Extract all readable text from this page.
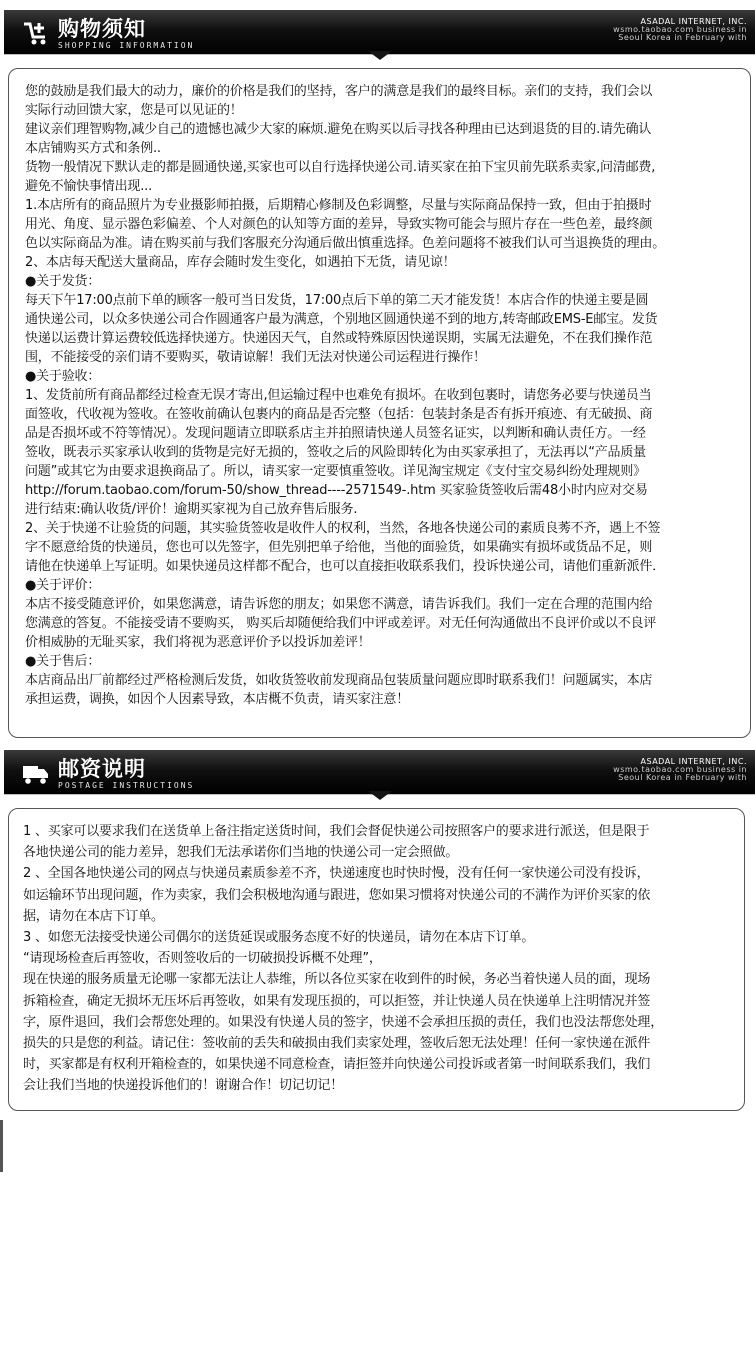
购物须知
SHOPPING INFORMATION
ASADAL INTERNET, INC.
wsmo.taobao.com business in
Seoul Korea in February with

您的鼓励是我们最大的动力，廉价的价格是我们的坚持，客户的满意是我们的最终目标。亲们的支持，我们会以

实际行动回馈大家，您是可以见证的！

建议亲们理智购物,减少自己的遗憾也减少大家的麻烦.避免在购买以后寻找各种理由已达到退货的目的.请先确认

本店铺购买方式和条例..

货物一般情况下默认走的都是圆通快递,买家也可以自行选择快递公司.请买家在拍下宝贝前先联系卖家,问清邮费,

避免不愉快事情出现...

1.本店所有的商品照片为专业摄影师拍摄，后期精心修制及色彩调整，尽量与实际商品保持一致，但由于拍摄时

用光、角度、显示器色彩偏差、个人对颜色的认知等方面的差异，导致实物可能会与照片存在一些色差，最终颜

色以实际商品为准。请在购买前与我们客服充分沟通后做出慎重选择。色差问题将不被我们认可当退换货的理由。

2、本店每天配送大量商品，库存会随时发生变化，如遇拍下无货，请见谅！

●关于发货：

每天下午17:00点前下单的顾客一般可当日发货，17:00点后下单的第二天才能发货！本店合作的快递主要是圆

通快递公司，以众多快递公司合作圆通客户最为满意，个别地区圆通快递不到的地方,转寄邮政EMS-E邮宝。发货

快递以运费计算运费较低选择快递方。快递因天气，自然或特殊原因快递误期，实属无法避免，不在我们操作范

围，不能接受的亲们请不要购买，敬请谅解！我们无法对快递公司运程进行操作！

●关于验收：

1、发货前所有商品都经过检查无误才寄出,但运输过程中也难免有损坏。在收到包裹时，请您务必要与快递员当

面签收，代收视为签收。在签收前确认包裹内的商品是否完整（包括：包装封条是否有拆开痕迹、有无破损、商

品是否损坏或不符等情况）。发现问题请立即联系店主并拍照请快递人员签名证实，以判断和确认责任方。一经

签收，既表示买家承认收到的货物是完好无损的，签收之后的风险即转化为由买家承担了，无法再以“产品质量

问题”或其它为由要求退换商品了。所以，请买家一定要慎重签收。详见淘宝规定《支付宝交易纠纷处理规则》

http://forum.taobao.com/forum-50/show_thread----2571549-.htm 买家验货签收后需48小时内应对交易

进行结束:确认收货/评价！逾期买家视为自己放弃售后服务.

2、关于快递不让验货的问题，其实验货签收是收件人的权利，当然，各地各快递公司的素质良莠不齐，遇上不签

字不愿意给货的快递员，您也可以先签字，但先别把单子给他，当他的面验货，如果确实有损坏或货品不足，则

请他在快递单上写证明。如果快递员这样都不配合，也可以直接拒收联系我们，投诉快递公司，请他们重新派件．

●关于评价：

本店不接受随意评价，如果您满意，请告诉您的朋友；如果您不满意，请告诉我们。我们一定在合理的范围内给

您满意的答复。不能接受请不要购买， 购买后却随便给我们中评或差评。对无任何沟通做出不良评价或以不良评

价相威胁的无耻买家，我们将视为恶意评价予以投诉加差评！

●关于售后：

本店商品出厂前都经过严格检测后发货，如收货签收前发现商品包装质量问题应即时联系我们！问题属实，本店

承担运费，调换，如因个人因素导致，本店概不负责，请买家注意！

邮资说明
POSTAGE INSTRUCTIONS
ASADAL INTERNET, INC.
wsmo.taobao.com business in
Seoul Korea in February with

1 、买家可以要求我们在送货单上备注指定送货时间，我们会督促快递公司按照客户的要求进行派送，但是限于

各地快递公司的能力差异，恕我们无法承诺你们当地的快递公司一定会照做。

2 、全国各地快递公司的网点与快递员素质参差不齐，快递速度也时快时慢，没有任何一家快递公司没有投诉，

如运输环节出现问题，作为卖家，我们会积极地沟通与跟进，您如果习惯将对快递公司的不满作为评价买家的依

据，请勿在本店下订单。

3 、如您无法接受快递公司偶尔的送货延误或服务态度不好的快递员，请勿在本店下订单。

“请现场检查后再签收，否则签收后的一切破损投诉概不处理”，

现在快递的服务质量无论哪一家都无法让人恭维，所以各位买家在收到件的时候，务必当着快递人员的面，现场

拆箱检查，确定无损坏无压坏后再签收，如果有发现压损的，可以拒签，并让快递人员在快递单上注明情况并签

字，原件退回，我们会帮您处理的。如果没有快递人员的签字，快递不会承担压损的责任，我们也没法帮您处理，

损失的只是您的利益。请记住：签收前的丢失和破损由我们卖家处理，签收后恕无法处理！任何一家快递在派件

时，买家都是有权利开箱检查的，如果快递不同意检查，请拒签并向快递公司投诉或者第一时间联系我们，我们

会让我们当地的快递投诉他们的！谢谢合作！切记切记！
